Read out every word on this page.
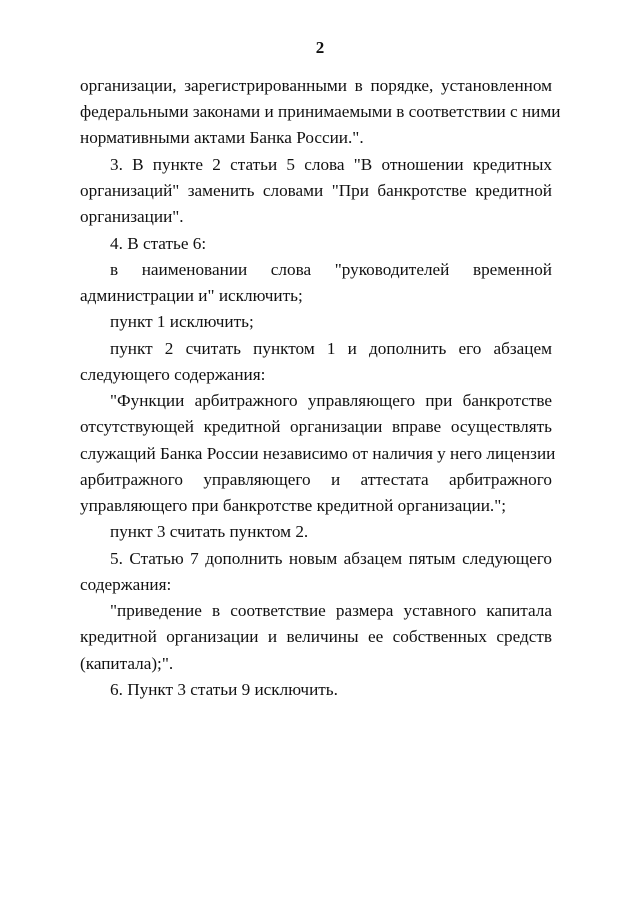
2
организации, зарегистрированными в порядке, установленном
федеральными законами и принимаемыми в соответствии с ними
нормативными актами Банка России.".
3. В пункте 2 статьи 5 слова "В отношении кредитных
организаций" заменить словами "При банкротстве кредитной
организации".
4. В статье 6:
в наименовании слова "руководителей временной
администрации и" исключить;
пункт 1 исключить;
пункт 2 считать пунктом 1 и дополнить его абзацем
следующего содержания:
"Функции арбитражного управляющего при банкротстве
отсутствующей кредитной организации вправе осуществлять
служащий Банка России независимо от наличия у него лицензии
арбитражного управляющего и аттестата арбитражного
управляющего при банкротстве кредитной организации.";
пункт 3 считать пунктом 2.
5. Статью 7 дополнить новым абзацем пятым следующего
содержания:
"приведение в соответствие размера уставного капитала
кредитной организации и величины ее собственных средств
(капитала);".
6. Пункт 3 статьи 9 исключить.
